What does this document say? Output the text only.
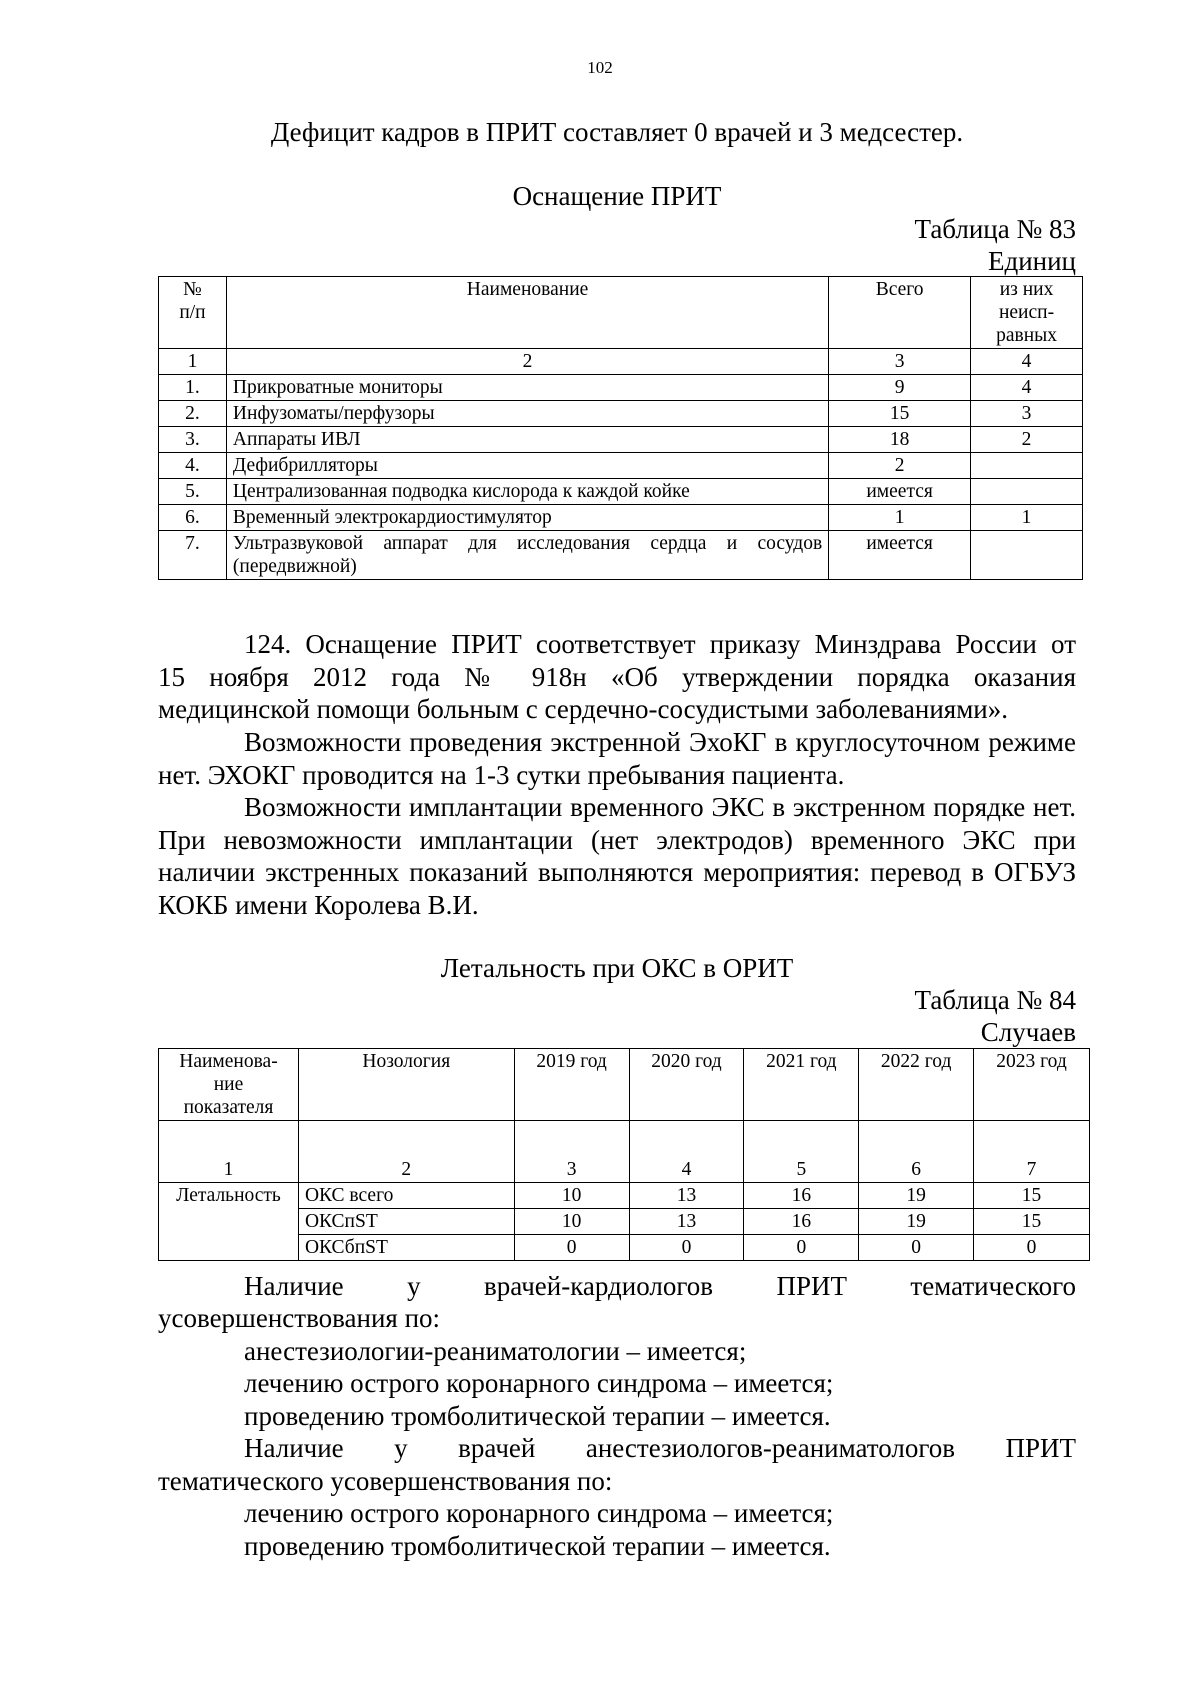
102

Дефицит кадров в ПРИТ составляет 0 врачей и 3 медсестер.

Оснащение ПРИТ

Таблица № 83

Единиц

№
п/п	Наименование	Всего	из них
неисп-
равных
1	2	3	4
1.	Прикроватные мониторы	9	4
2.	Инфузоматы/перфузоры	15	3
3.	Аппараты ИВЛ	18	2
4.	Дефибрилляторы	2	
5.	Централизованная подводка кислорода к каждой койке	имеется	
6.	Временный электрокардиостимулятор	1	1
7.	Ультразвуковой аппарат для исследования сердца и сосудов (передвижной)	имеется	

124. Оснащение ПРИТ соответствует приказу Минздрава России от

15 ноября 2012 года № 918н «Об утверждении порядка оказания

медицинской помощи больным с сердечно-сосудистыми заболеваниями».

Возможности проведения экстренной ЭхоКГ в круглосуточном режиме нет. ЭХОКГ проводится на 1-3 сутки пребывания пациента.

Возможности имплантации временного ЭКС в экстренном порядке нет. При невозможности имплантации (нет электродов) временного ЭКС при наличии экстренных показаний выполняются мероприятия: перевод в ОГБУЗ КОКБ имени Королева В.И.

Летальность при ОКС в ОРИТ

Таблица № 84

Случаев

Наименова-
ние
показателя	Нозология	2019 год	2020 год	2021 год	2022 год	2023 год
1	2	3	4	5	6	7
Летальность	ОКС всего	10	13	16	19	15
	ОКСпST	10	13	16	19	15
	ОКСбпST	0	0	0	0	0

Наличие у врачей-кардиологов ПРИТ тематического

усовершенствования по:

анестезиологии-реаниматологии – имеется;

лечению острого коронарного синдрома – имеется;

проведению тромболитической терапии – имеется.

Наличие у врачей анестезиологов-реаниматологов ПРИТ

тематического усовершенствования по:

лечению острого коронарного синдрома – имеется;

проведению тромболитической терапии – имеется.
